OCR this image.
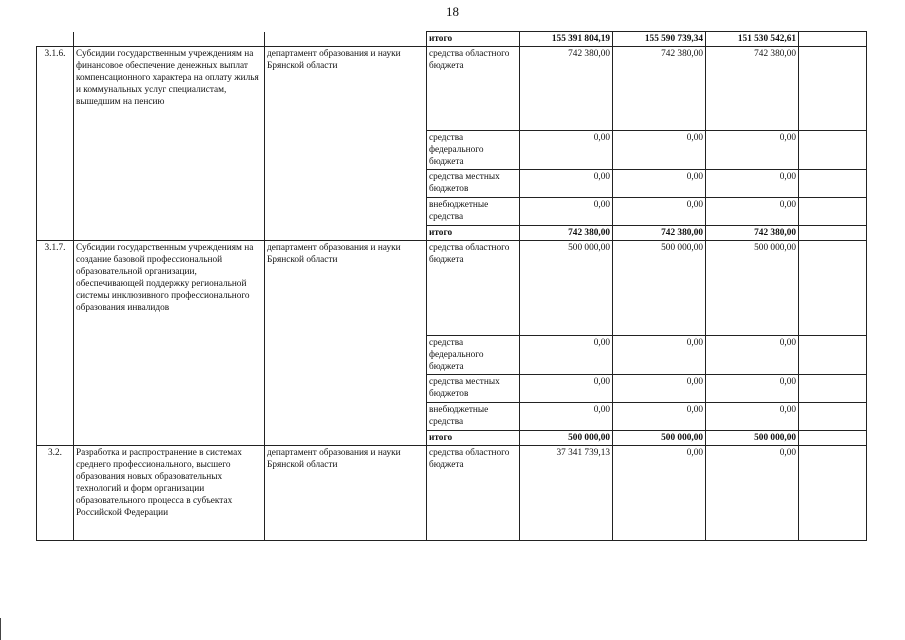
18
			итого	155 391 804,19	155 590 739,34	151 530 542,61	
3.1.6.	Субсидии государственным учреждениям на финансовое обеспечение денежных выплат компенсационного характера на оплату жилья и коммунальных услуг специалистам, вышедшим на пенсию	департамент образования и науки Брянской области	средства областного бюджета	742 380,00	742 380,00	742 380,00	
			средства федерального бюджета	0,00	0,00	0,00	
			средства местных бюджетов	0,00	0,00	0,00	
			внебюджетные средства	0,00	0,00	0,00	
			итого	742 380,00	742 380,00	742 380,00	
3.1.7.	Субсидии государственным учреждениям на создание базовой профессиональной образовательной организации, обеспечивающей поддержку региональной системы инклюзивного профессионального образования инвалидов	департамент образования и науки Брянской области	средства областного бюджета	500 000,00	500 000,00	500 000,00	
			средства федерального бюджета	0,00	0,00	0,00	
			средства местных бюджетов	0,00	0,00	0,00	
			внебюджетные средства	0,00	0,00	0,00	
			итого	500 000,00	500 000,00	500 000,00	
3.2.	Разработка и распространение в системах среднего профессионального, высшего образования новых образовательных технологий и форм организации образовательного процесса в субъектах Российской Федерации	департамент образования и науки Брянской области	средства областного бюджета	37 341 739,13	0,00	0,00	
